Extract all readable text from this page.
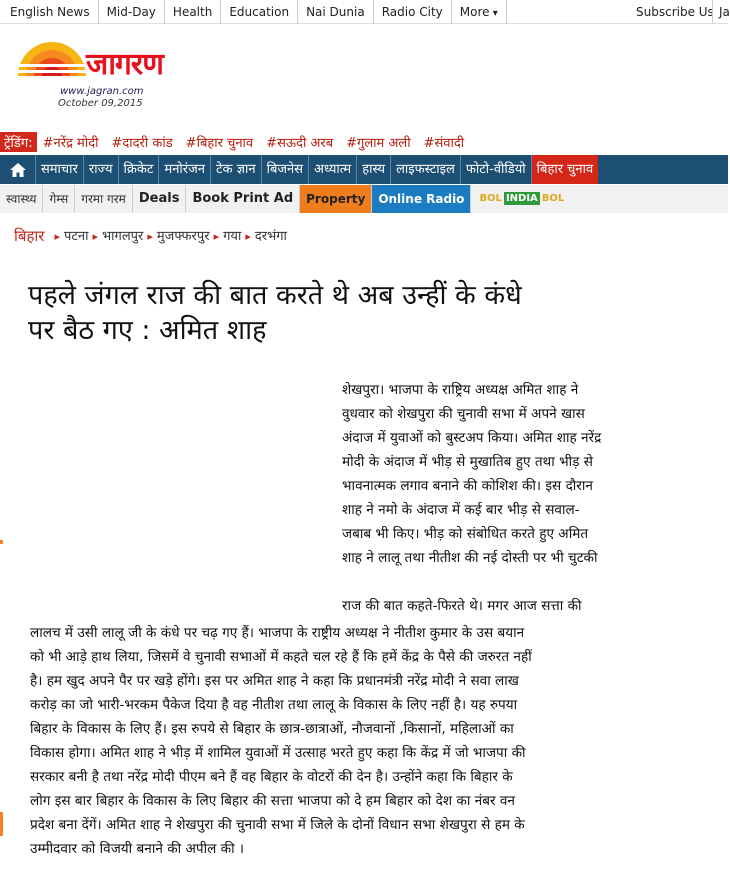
English News	Mid-Day	Health	Education	Nai Dunia	Radio City	More ▾	Subscribe Us Ja
जागरण
www.jagran.com
October 09,2015
ट्रेंडिंग:	# नरेंद्र मोदी	# दादरी कांड	# बिहार चुनाव	# सऊदी अरब	# गुलाम अली	# संवादी
समाचार राज्य क्रिकेट मनोरंजन टेक ज्ञान बिजनेस अध्यात्म हास्य लाइफस्टाइल फोटो-वीडियो बिहार चुनाव
स्वास्थ्य	गेम्स	गरमा गरम	Deals	Book Print Ad	Property	Online Radio	BOL INDIA BOL
बिहार	▸ पटना	▸ भागलपुर	▸ मुजफ्फरपुर	▸ गया	▸ दरभंगा
पहले जंगल राज की बात करते थे अब उन्हीं के कंधे
पर बैठ गए : अमित शाह
शेखपुरा। भाजपा के राष्ट्रिय अध्यक्ष अमित शाह ने
वुधवार को शेखपुरा की चुनावी सभा में अपने खास
अंदाज में युवाओं को बुस्टअप किया। अमित शाह नरेंद्र
मोदी के अंदाज में भीड़ से मुखातिब हुए तथा भीड़ से
भावनात्मक लगाव बनाने की कोशिश की। इस दौरान
शाह ने नमो के अंदाज में कई बार भीड़ से सवाल-
जबाब भी किए। भीड़ को संबोधित करते हुए अमित
शाह ने लालू तथा नीतीश की नई दोस्ती पर भी चुटकी
राज की बात कहते-फिरते थे। मगर आज सत्ता की
लालच में उसी लालू जी के कंधे पर चढ़ गए हैं। भाजपा के राष्ट्रीय अध्यक्ष ने नीतीश कुमार के उस बयान
को भी आड़े हाथ लिया, जिसमें वे चुनावी सभाओं में कहते चल रहे हैं कि हमें केंद्र के पैसे की जरुरत नहीं
है। हम खुद अपने पैर पर खड़े होंगे। इस पर अमित शाह ने कहा कि प्रधानमंत्री नरेंद्र मोदी ने सवा लाख
करोड़ का जो भारी-भरकम पैकेज दिया है वह नीतीश तथा लालू के विकास के लिए नहीं है। यह रुपया
बिहार के विकास के लिए हैं। इस रुपये से बिहार के छात्र-छात्राओं, नौजवानों ,किसानों, महिलाओं का
विकास होगा। अमित शाह ने भीड़ में शामिल युवाओं में उत्साह भरते हुए कहा कि केंद्र में जो भाजपा की
सरकार बनी है तथा नरेंद्र मोदी पीएम बने हैं वह बिहार के वोटरों की देन है। उन्होंने कहा कि बिहार के
लोग इस बार बिहार के विकास के लिए बिहार की सत्ता भाजपा को दे हम बिहार को देश का नंबर वन
प्रदेश बना देंगें। अमित शाह ने शेखपुरा की चुनावी सभा में जिले के दोनों विधान सभा शेखपुरा से हम के
उम्मीदवार को विजयी बनाने की अपील की ।
